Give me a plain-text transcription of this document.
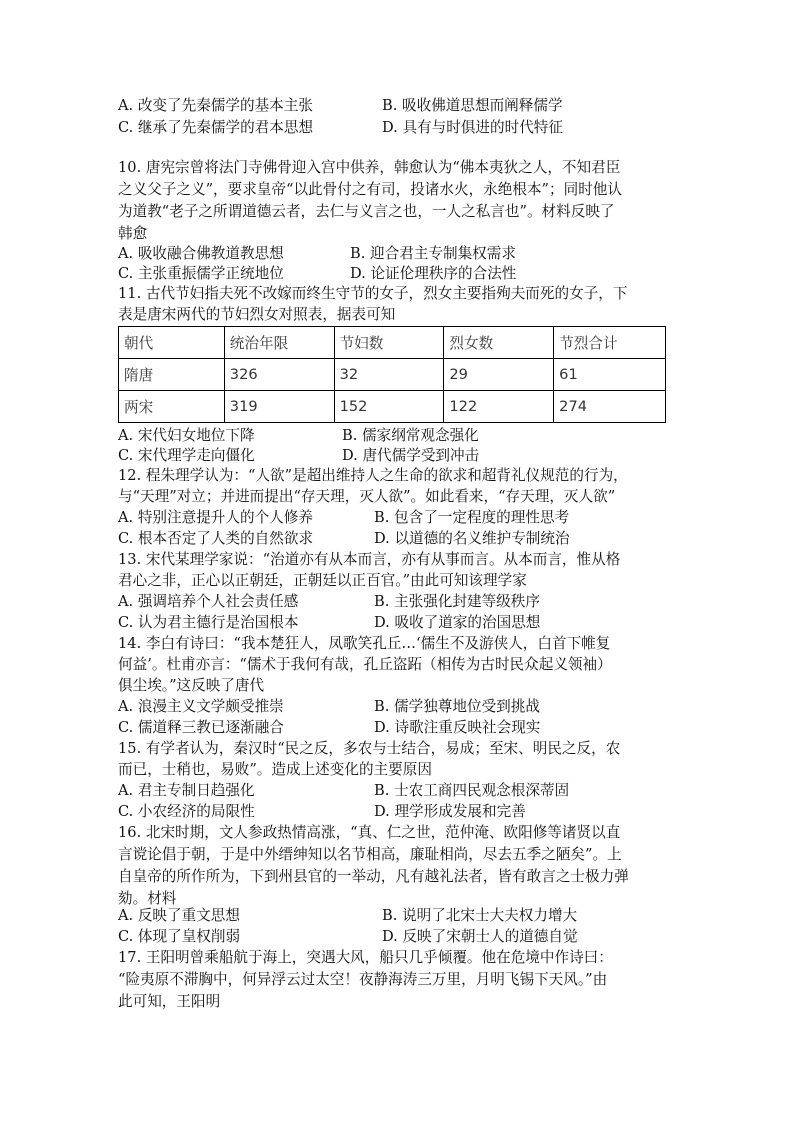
A. 改变了先秦儒学的基本主张	B. 吸收佛道思想而阐释儒学
C. 继承了先秦儒学的君本思想	D. 具有与时俱进的时代特征
10. 唐宪宗曾将法门寺佛骨迎入宫中供养，韩愈认为“佛本夷狄之人，不知君臣
之义父子之义”，要求皇帝“以此骨付之有司，投诸水火，永绝根本”；同时他认
为道教“老子之所谓道德云者，去仁与义言之也，一人之私言也”。材料反映了
韩愈
A. 吸收融合佛教道教思想	B. 迎合君主专制集权需求
C. 主张重振儒学正统地位	D. 论证伦理秩序的合法性
11. 古代节妇指夫死不改嫁而终生守节的女子，烈女主要指殉夫而死的女子，下
表是唐宋两代的节妇烈女对照表，据表可知
朝代	统治年限	节妇数	烈女数	节烈合计
隋唐	326	32	29	61
两宋	319	152	122	274
A. 宋代妇女地位下降	B. 儒家纲常观念强化
C. 宋代理学走向僵化	D. 唐代儒学受到冲击
12. 程朱理学认为：“人欲”是超出维持人之生命的欲求和超背礼仪规范的行为，
与“天理”对立；并进而提出“存天理，灭人欲”。如此看来，“存天理，灭人欲”
A. 特别注意提升人的个人修养	B. 包含了一定程度的理性思考
C. 根本否定了人类的自然欲求	D. 以道德的名义维护专制统治
13. 宋代某理学家说：“治道亦有从本而言，亦有从事而言。从本而言，惟从格
君心之非，正心以正朝廷，正朝廷以正百官。”由此可知该理学家
A. 强调培养个人社会责任感	B. 主张强化封建等级秩序
C. 认为君主德行是治国根本	D. 吸收了道家的治国思想
14. 李白有诗曰：“我本楚狂人，凤歌笑孔丘…‘儒生不及游侠人，白首下帷复
何益’。杜甫亦言：“儒术于我何有哉，孔丘盗跖（相传为古时民众起义领袖）
俱尘埃。”这反映了唐代
A. 浪漫主义文学颇受推崇	B. 儒学独尊地位受到挑战
C. 儒道释三教已逐渐融合	D. 诗歌注重反映社会现实
15. 有学者认为，秦汉时“民之反，多农与士结合，易成；至宋、明民之反，农
而已，士稍也，易败”。造成上述变化的主要原因
A. 君主专制日趋强化	B. 士农工商四民观念根深蒂固
C. 小农经济的局限性	D. 理学形成发展和完善
16. 北宋时期，文人参政热情高涨，“真、仁之世，范仲淹、欧阳修等诸贤以直
言谠论倡于朝，于是中外缙绅知以名节相高，廉耻相尚，尽去五季之陋矣”。上
自皇帝的所作所为，下到州县官的一举动，凡有越礼法者，皆有敢言之士极力弹
劾。材料
A. 反映了重文思想	B. 说明了北宋士大夫权力增大
C. 体现了皇权削弱	D. 反映了宋朝士人的道德自觉
17. 王阳明曾乘船航于海上，突遇大风，船只几乎倾覆。他在危境中作诗曰：
“险夷原不滞胸中，何异浮云过太空！夜静海涛三万里，月明飞锡下天风。”由
此可知，王阳明
